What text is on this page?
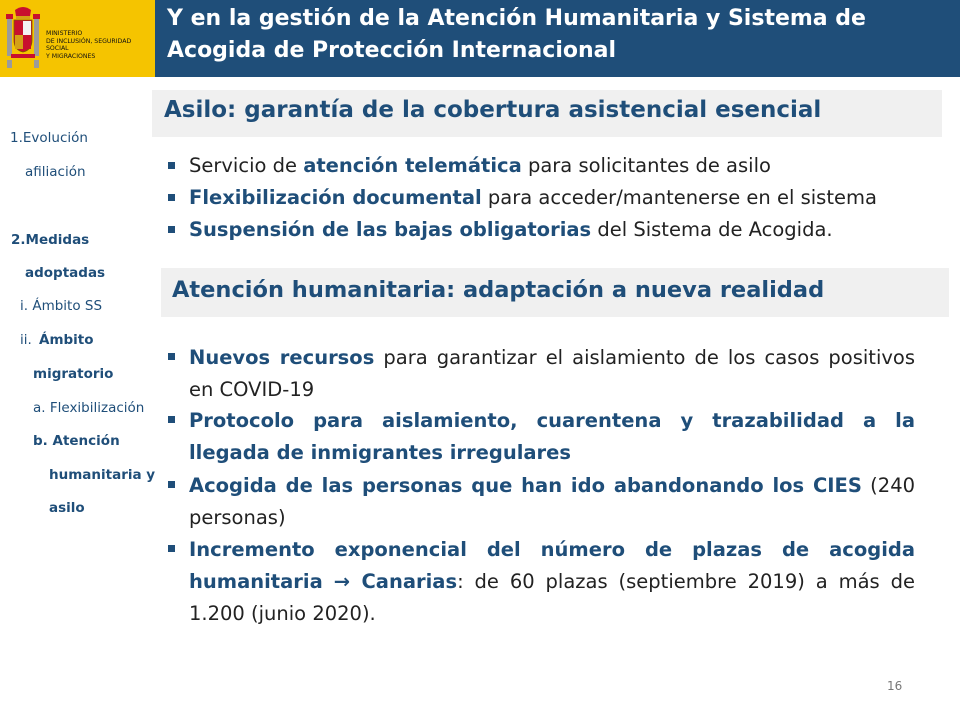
MINISTERIO
DE INCLUSIÓN, SEGURIDAD SOCIAL
Y MIGRACIONES
Y en la gestión de la Atención Humanitaria y Sistema de Acogida de Protección Internacional
1.Evolución
afiliación
2.Medidas
adoptadas
i. Ámbito SS
ii. Ámbito
migratorio
a. Flexibilización
b. Atención
humanitaria y
asilo
Asilo: garantía de la cobertura asistencial esencial
Servicio de atención telemática para solicitantes de asilo
Flexibilización documental para acceder/mantenerse en el sistema
Suspensión de las bajas obligatorias del Sistema de Acogida.
Atención humanitaria: adaptación a nueva realidad
Nuevos recursos para garantizar el aislamiento de los casos positivos en COVID-19
Protocolo para aislamiento, cuarentena y trazabilidad a la llegada de inmigrantes irregulares
Acogida de las personas que han ido abandonando los CIES (240 personas)
Incremento exponencial del número de plazas de acogida humanitaria → Canarias: de 60 plazas (septiembre 2019) a más de 1.200 (junio 2020).
16
